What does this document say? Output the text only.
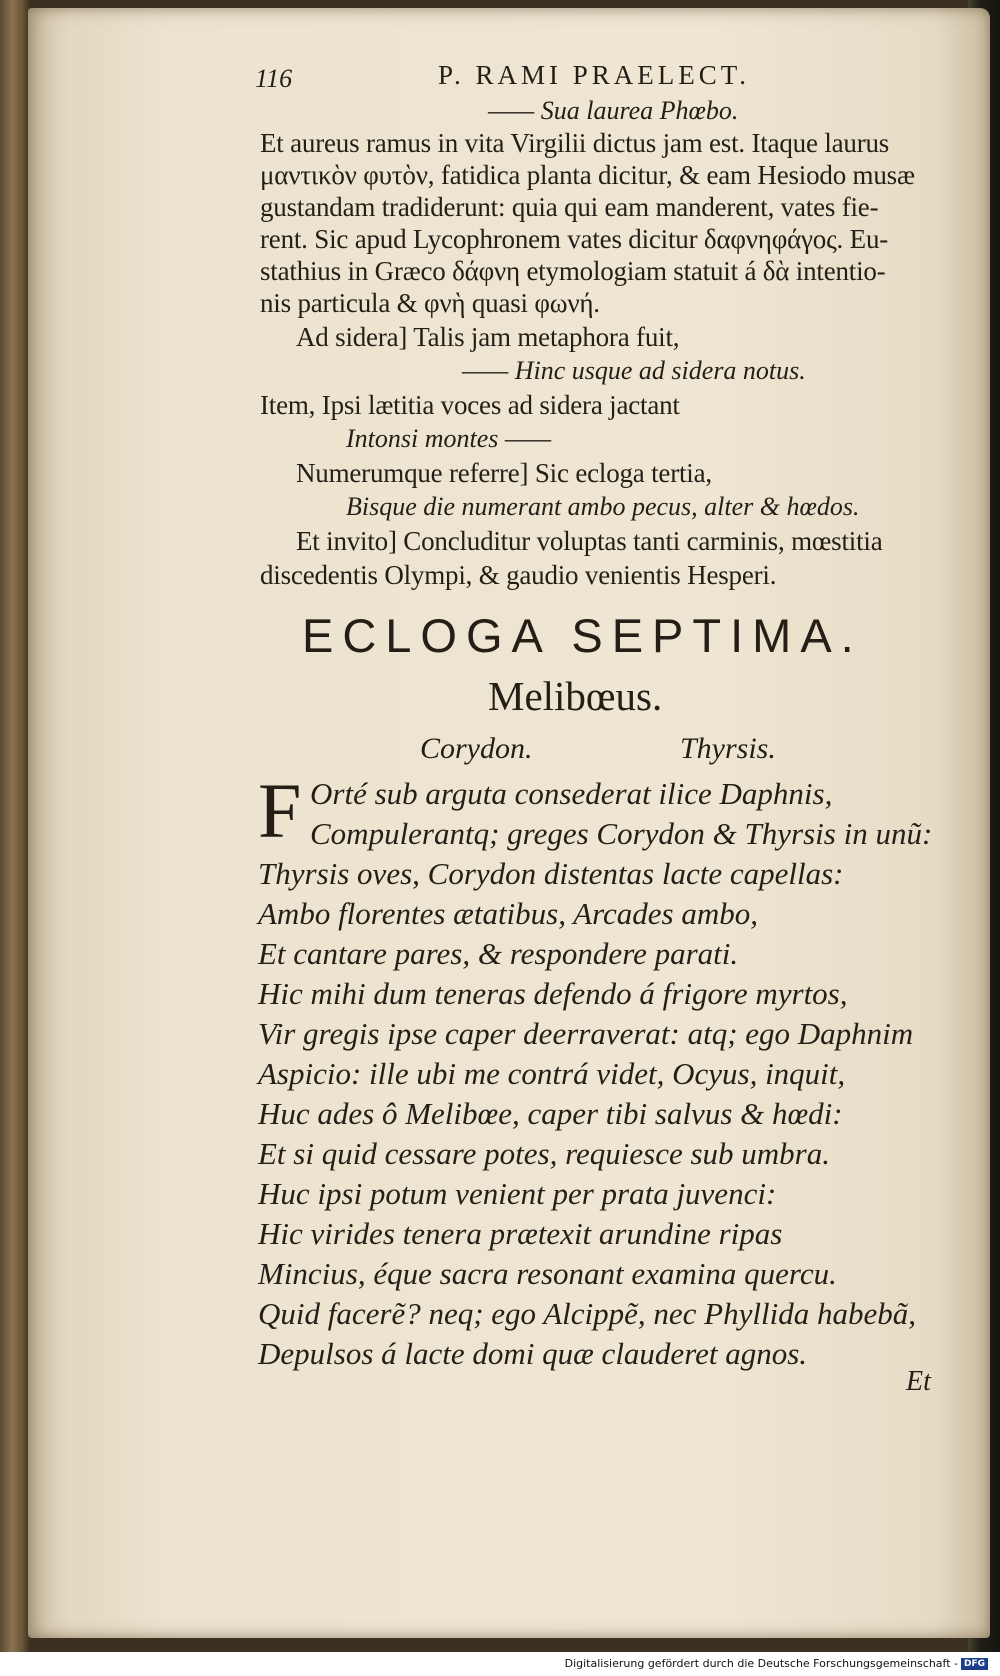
116	P. RAMI PRAELECT.
—— Sua laurea Phœbo.
Et aureus ramus in vita Virgilii dictus jam est. Itaque laurus
μαντικὸν φυτὸν, fatidica planta dicitur, & eam Hesiodo musæ
gustandam tradiderunt: quia qui eam manderent, vates fie-
rent. Sic apud Lycophronem vates dicitur δαφνηφάγος. Eu-
stathius in Græco δάφνη etymologiam statuit á δὰ intentio-
nis particula & φνὴ quasi φωνή.
Ad sidera] Talis jam metaphora fuit,
—— Hinc usque ad sidera notus.
Item, Ipsi lætitia voces ad sidera jactant
Intonsi montes ——
Numerumque referre] Sic ecloga tertia,
Bisque die numerant ambo pecus, alter & hœdos.
Et invito] Concluditur voluptas tanti carminis, mœstitia
discedentis Olympi, & gaudio venientis Hesperi.
ECLOGA SEPTIMA.
Melibœus.
Corydon.	Thyrsis.
F Orté sub arguta consederat ilice Daphnis,
Compulerantq; greges Corydon & Thyrsis in unũ:
Thyrsis oves, Corydon distentas lacte capellas:
Ambo florentes ætatibus, Arcades ambo,
Et cantare pares, & respondere parati.
Hic mihi dum teneras defendo á frigore myrtos,
Vir gregis ipse caper deerraverat: atq; ego Daphnim
Aspicio: ille ubi me contrá videt, Ocyus, inquit,
Huc ades ô Melibœe, caper tibi salvus & hœdi:
Et si quid cessare potes, requiesce sub umbra.
Huc ipsi potum venient per prata juvenci:
Hic virides tenera prætexit arundine ripas
Mincius, éque sacra resonant examina quercu.
Quid facerẽ? neq; ego Alcippẽ, nec Phyllida habebã,
Depulsos á lacte domi quæ clauderet agnos.
Et
Digitalisierung gefördert durch die Deutsche Forschungsgemeinschaft - DFG
